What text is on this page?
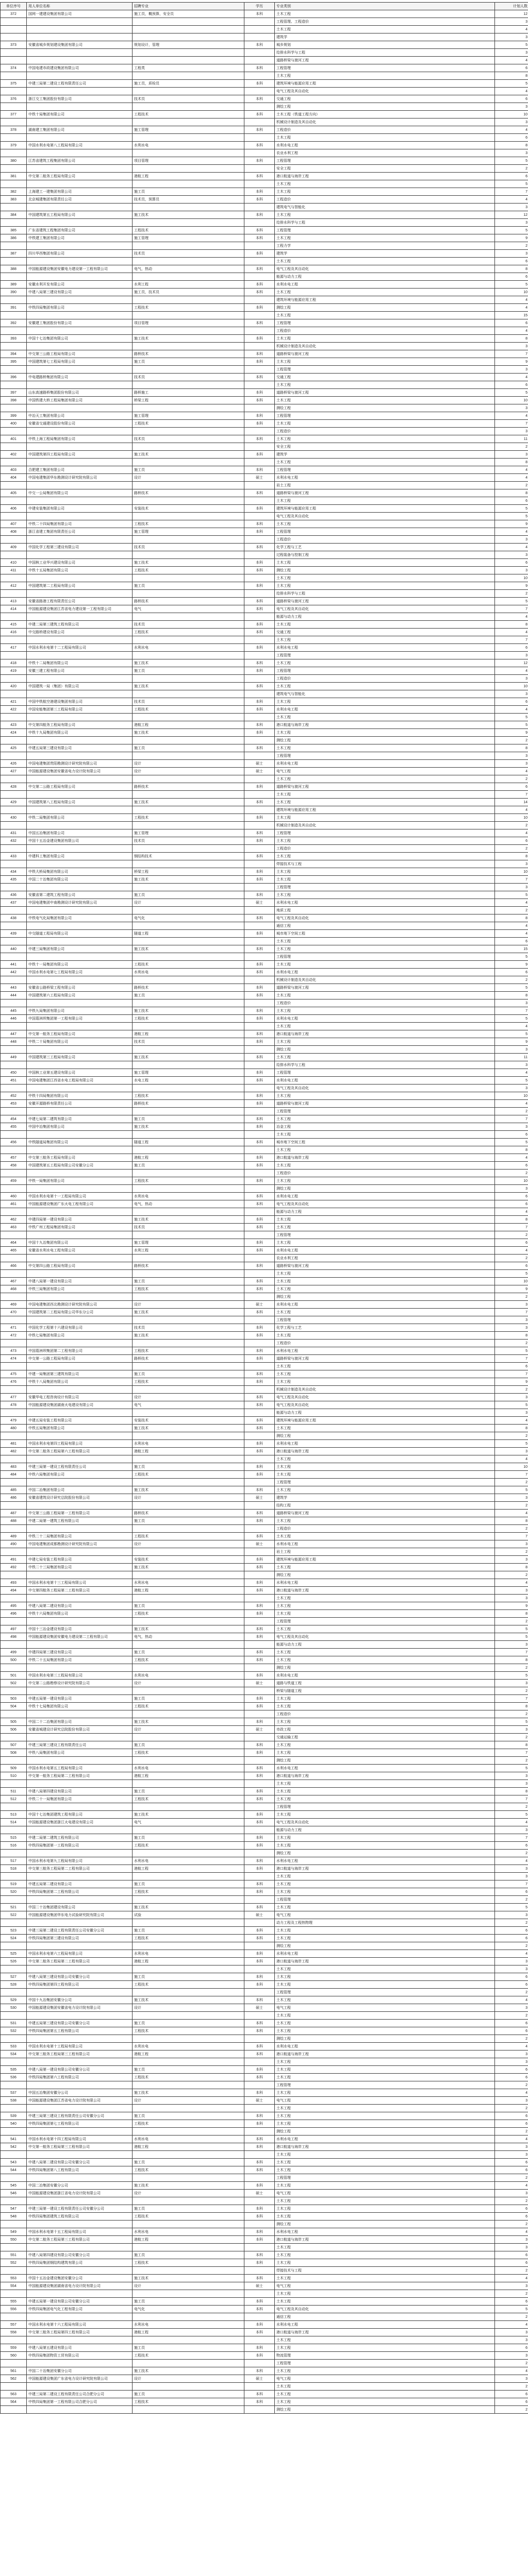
单位序号	用人单位名称	招聘专业	学历	专业类别	计划人数
372	国网一建建设集团有限公司	施工员，概预算，安全员	本科	土木工程	12
				工程管理、工程造价	3
				土木工程	4
				建筑学	3
373	安徽省城乡规划建设集团有限公司	规划设计，管理	本科	城乡规划	5
				给排水科学与工程	3
				道路桥梁与渡河工程	4
374	中国电建市政建设集团有限公司	工程类	本科	工程管理	6
				土木工程	8
375	中建三局第二建设工程有限责任公司	施工员，质检员	本科	建筑环境与能源应用工程	5
				电气工程及其自动化	4
376	浙江交工集团股份有限公司	技术员	本科	交通工程	6
				测绘工程	3
377	中铁十局集团有限公司	工程技术	本科	土木工程（铁道工程方向）	10
				机械设计制造及其自动化	3
378	湖南建工集团有限公司	施工管理	本科	工程造价	4
				土木工程	6
379	中国水利水电第八工程局有限公司	水利水电	本科	水利水电工程	8
				农业水利工程	3
380	江苏省建筑工程集团有限公司	项目管理	本科	工程管理	5
				安全工程	2
381	中交第二航务工程局有限公司	港航工程	本科	港口航道与海岸工程	6
				土木工程	5
382	上海建工一建集团有限公司	施工员	本科	土木工程	7
383	北京城建集团有限责任公司	技术员，预算员	本科	工程造价	4
				建筑电气与智能化	3
384	中国建筑第五工程局有限公司	施工技术	本科	土木工程	12
				给排水科学与工程	3
385	广东省建筑工程集团有限公司	工程技术	本科	工程管理	5
386	中铁建工集团有限公司	施工管理	本科	土木工程	9
				工程力学	2
387	四川华西集团有限公司	技术员	本科	建筑学	3
				土木工程	6
388	中国能源建设集团安徽电力建设第一工程有限公司	电气，热动	本科	电气工程及其自动化	8
				能源与动力工程	6
389	安徽水利开发有限公司	水利工程	本科	水利水电工程	5
390	中建八局第三建设有限公司	施工员，技术员	本科	土木工程	10
				建筑环境与能源应用工程	4
391	中铁四局集团有限公司	工程技术	本科	测绘工程	4
				土木工程	15
392	安徽建工集团股份有限公司	项目管理	本科	工程管理	6
				工程造价	4
393	中国十七冶集团有限公司	施工技术	本科	土木工程	8
				机械设计制造及其自动化	3
394	中交第三公路工程局有限公司	路桥技术	本科	道路桥梁与渡河工程	7
395	中国建筑第七工程局有限公司	施工员	本科	土木工程	9
				工程管理	3
396	中电建路桥集团有限公司	技术员	本科	交通工程	4
				土木工程	6
397	山东高速路桥集团股份有限公司	路桥施工	本科	道路桥梁与渡河工程	5
398	中国铁建大桥工程局集团有限公司	桥梁工程	本科	土木工程	10
				测绘工程	3
399	中冶天工集团有限公司	施工管理	本科	工程管理	4
400	安徽省交通建设股份有限公司	工程技术	本科	土木工程	7
				工程造价	3
401	中铁上海工程局集团有限公司	技术员	本科	土木工程	11
				安全工程	2
402	中国建筑第四工程局有限公司	施工技术	本科	建筑学	3
				土木工程	8
403	合肥建工集团有限公司	施工员	本科	工程管理	4
404	中国电建集团华东勘测设计研究院有限公司	设计	硕士	水利水电工程	4
				岩土工程	2
405	中交一公局集团有限公司	路桥技术	本科	道路桥梁与渡河工程	8
				土木工程	6
406	中建安装集团有限公司	安装技术	本科	建筑环境与能源应用工程	5
				电气工程及其自动化	5
407	中铁二十四局集团有限公司	工程技术	本科	土木工程	9
408	浙江省建工集团有限责任公司	施工管理	本科	工程管理	4
				工程造价	3
409	中国化学工程第三建设有限公司	技术员	本科	化学工程与工艺	4
				过程装备与控制工程	3
410	中国核工业华兴建设有限公司	施工技术	本科	土木工程	6
411	中铁十五局集团有限公司	工程技术	本科	测绘工程	3
				土木工程	10
412	中国建筑第二工程局有限公司	施工员	本科	土木工程	9
				给排水科学与工程	2
413	安徽省路港工程有限责任公司	路桥技术	本科	道路桥梁与渡河工程	5
414	中国能源建设集团江苏省电力建设第一工程有限公司	电气	本科	电气工程及其自动化	7
				能源与动力工程	4
415	中建二局第三建筑工程有限公司	技术员	本科	土木工程	8
416	中交路桥建设有限公司	工程技术	本科	交通工程	4
				土木工程	7
417	中国水利水电第十二工程局有限公司	水利水电	本科	水利水电工程	6
				工程管理	3
418	中铁十二局集团有限公司	施工技术	本科	土木工程	12
419	安徽三建工程有限公司	施工员	本科	工程管理	4
				工程造价	3
420	中国建筑一局（集团）有限公司	施工技术	本科	土木工程	10
				建筑电气与智能化	3
421	中国中铁航空港建设集团有限公司	技术员	本科	土木工程	6
422	中国安能集团第三工程局有限公司	工程技术	本科	水利水电工程	4
				土木工程	5
423	中交第四航务工程局有限公司	港航工程	本科	港口航道与海岸工程	5
424	中铁十九局集团有限公司	施工技术	本科	土木工程	9
				测绘工程	2
425	中建五局第三建设有限公司	施工员	本科	土木工程	8
				工程管理	3
426	中国电建集团贵阳勘测设计研究院有限公司	设计	硕士	水利水电工程	3
427	中国能源建设集团安徽省电力设计院有限公司	设计	硕士	电气工程	4
				土木工程	2
428	中交第二公路工程局有限公司	路桥技术	本科	道路桥梁与渡河工程	6
				土木工程	7
429	中国建筑第八工程局有限公司	施工技术	本科	土木工程	14
				建筑环境与能源应用工程	4
430	中铁二局集团有限公司	工程技术	本科	土木工程	10
				机械设计制造及其自动化	2
431	中国五冶集团有限公司	施工管理	本科	工程管理	4
432	中国十五冶金建设集团有限公司	技术员	本科	土木工程	6
				工程造价	2
433	中建科工集团有限公司	钢结构技术	本科	土木工程	8
				焊接技术与工程	3
434	中铁大桥局集团有限公司	桥梁工程	本科	土木工程	10
435	中国二十冶集团有限公司	施工技术	本科	土木工程	7
				工程管理	3
436	安徽省第二建筑工程有限公司	施工员	本科	土木工程	5
437	中国电建集团中南勘测设计研究院有限公司	设计	硕士	水利水电工程	4
				地质工程	2
438	中铁电气化局集团有限公司	电气化	本科	电气工程及其自动化	8
				通信工程	4
439	中交隧道工程局有限公司	隧道工程	本科	城市地下空间工程	4
				土木工程	6
440	中建三局集团有限公司	施工技术	本科	土木工程	15
				工程管理	5
441	中铁十一局集团有限公司	工程技术	本科	土木工程	9
442	中国水利水电第七工程局有限公司	水利水电	本科	水利水电工程	6
				机械设计制造及其自动化	2
443	安徽省公路桥梁工程有限公司	路桥技术	本科	道路桥梁与渡河工程	5
444	中国建筑第六工程局有限公司	施工员	本科	土木工程	8
				工程造价	3
445	中铁九局集团有限公司	施工技术	本科	土木工程	7
446	中国葛洲坝集团第一工程有限公司	工程技术	本科	水利水电工程	5
				土木工程	4
447	中交第一航务工程局有限公司	港航工程	本科	港口航道与海岸工程	5
448	中铁二十局集团有限公司	技术员	本科	土木工程	9
				测绘工程	3
449	中国建筑第三工程局有限公司	施工技术	本科	土木工程	11
				给排水科学与工程	3
450	中国核工业第五建设有限公司	施工管理	本科	工程管理	4
451	中国电建集团江西省水电工程局有限公司	水电工程	本科	水利水电工程	5
				电气工程及其自动化	3
452	中铁十四局集团有限公司	工程技术	本科	土木工程	10
453	安徽开源路桥有限责任公司	路桥技术	本科	道路桥梁与渡河工程	4
				工程管理	2
454	中建七局第二建筑有限公司	施工员	本科	土木工程	7
455	中国中冶集团有限公司	施工技术	本科	冶金工程	3
				土木工程	6
456	中铁隧道局集团有限公司	隧道工程	本科	城市地下空间工程	5
				土木工程	8
457	中交第三航务工程局有限公司	港航工程	本科	港口航道与海岸工程	4
458	中国建筑第五工程局有限公司安徽分公司	施工员	本科	土木工程	6
				工程造价	2
459	中铁一局集团有限公司	工程技术	本科	土木工程	10
				测绘工程	3
460	中国水利水电第十一工程局有限公司	水利水电	本科	水利水电工程	6
461	中国能源建设集团广东火电工程有限公司	电气，热动	本科	电气工程及其自动化	6
				能源与动力工程	4
462	中建四局第一建设有限公司	施工技术	本科	土木工程	8
463	中铁广州工程局集团有限公司	技术员	本科	土木工程	7
				工程管理	2
464	中国十九冶集团有限公司	施工管理	本科	土木工程	6
465	安徽省水利水电工程有限公司	水利工程	本科	水利水电工程	4
				农业水利工程	2
466	中交第四公路工程局有限公司	路桥技术	本科	道路桥梁与渡河工程	6
				土木工程	5
467	中建八局第一建设有限公司	施工员	本科	土木工程	10
468	中铁三局集团有限公司	工程技术	本科	土木工程	9
				测绘工程	2
469	中国电建集团西北勘测设计研究院有限公司	设计	硕士	水利水电工程	3
470	中国建筑第二工程局有限公司华东分公司	施工技术	本科	土木工程	7
				工程管理	3
471	中国化学工程第十六建设有限公司	技术员	本科	化学工程与工艺	3
472	中铁七局集团有限公司	施工技术	本科	土木工程	8
				工程造价	2
473	中国葛洲坝集团第二工程有限公司	工程技术	本科	水利水电工程	5
474	中交第一公路工程局有限公司	路桥技术	本科	道路桥梁与渡河工程	7
				土木工程	6
475	中建一局集团第三建筑有限公司	施工员	本科	土木工程	7
476	中铁十八局集团有限公司	工程技术	本科	土木工程	9
				机械设计制造及其自动化	2
477	安徽华电工程咨询设计有限公司	设计	本科	电气工程及其自动化	3
478	中国能源建设集团湖南火电建设有限公司	电气	本科	电气工程及其自动化	5
				能源与动力工程	3
479	中建五局安装工程有限公司	安装技术	本科	建筑环境与能源应用工程	4
480	中铁五局集团有限公司	施工技术	本科	土木工程	8
				测绘工程	2
481	中国水利水电第四工程局有限公司	水利水电	本科	水利水电工程	5
482	中交第二航务工程局第六工程有限公司	港航工程	本科	港口航道与海岸工程	3
				土木工程	4
483	中建三局第一建设工程有限责任公司	施工员	本科	土木工程	10
484	中铁六局集团有限公司	工程技术	本科	土木工程	7
				工程管理	2
485	中国二冶集团有限公司	施工技术	本科	土木工程	5
486	安徽省建筑设计研究总院股份有限公司	设计	硕士	建筑学	3
				结构工程	2
487	中交第三公路工程局第一工程有限公司	路桥技术	本科	道路桥梁与渡河工程	4
488	中建二局第一建筑工程有限公司	施工员	本科	土木工程	8
				工程造价	2
489	中铁二十二局集团有限公司	工程技术	本科	土木工程	7
490	中国电建集团成都勘测设计研究院有限公司	设计	硕士	水利水电工程	3
				岩土工程	2
491	中建七局安装工程有限公司	安装技术	本科	建筑环境与能源应用工程	3
492	中铁二十三局集团有限公司	施工技术	本科	土木工程	8
				测绘工程	2
493	中国水利水电第十三工程局有限公司	水利水电	本科	水利水电工程	4
494	中交第四航务工程局第二工程有限公司	港航工程	本科	港口航道与海岸工程	3
				土木工程	3
495	中建八局第二建设有限公司	施工员	本科	土木工程	9
496	中铁十六局集团有限公司	工程技术	本科	土木工程	8
				工程管理	2
497	中国十三冶金建设有限公司	施工技术	本科	土木工程	5
498	中国能源建设集团安徽电力建设第二工程有限公司	电气，热动	本科	电气工程及其自动化	5
				能源与动力工程	3
499	中建四局第三建设有限公司	施工员	本科	土木工程	7
500	中铁二十五局集团有限公司	工程技术	本科	土木工程	8
				测绘工程	2
501	中国水利水电第三工程局有限公司	水利水电	本科	水利水电工程	5
502	中交第二公路勘察设计研究院有限公司	设计	硕士	道路与铁道工程	3
				桥梁与隧道工程	2
503	中建五局第一建设有限公司	施工员	本科	土木工程	7
504	中铁十七局集团有限公司	工程技术	本科	土木工程	8
				工程造价	2
505	中国二十二冶集团有限公司	施工技术	本科	土木工程	5
506	安徽省城建设计研究总院股份有限公司	设计	硕士	市政工程	3
				交通运输工程	2
507	中建三局第三建设工程有限责任公司	施工员	本科	土木工程	8
508	中铁八局集团有限公司	工程技术	本科	土木工程	7
				测绘工程	2
509	中国水利水电第五工程局有限公司	水利水电	本科	水利水电工程	5
510	中交第一航务工程局第二工程有限公司	港航工程	本科	港口航道与海岸工程	3
				土木工程	3
511	中建八局第四建设有限公司	施工员	本科	土木工程	8
512	中铁二十一局集团有限公司	工程技术	本科	土木工程	7
				工程管理	2
513	中国十七冶集团建筑工程有限公司	施工技术	本科	土木工程	5
514	中国能源建设集团浙江火电建设有限公司	电气	本科	电气工程及其自动化	4
				能源与动力工程	3
515	中建二局第二建筑工程有限公司	施工员	本科	土木工程	7
516	中铁四局集团第一工程有限公司	工程技术	本科	土木工程	6
				测绘工程	2
517	中国水利水电第九工程局有限公司	水利水电	本科	水利水电工程	4
518	中交第三航务工程局第二工程有限公司	港航工程	本科	港口航道与海岸工程	3
				土木工程	3
519	中建五局第二建设有限公司	施工员	本科	土木工程	7
520	中铁四局集团第二工程有限公司	工程技术	本科	土木工程	6
				工程管理	2
521	中国二十冶集团建设有限公司	施工技术	本科	土木工程	5
522	中国能源建设集团华东电力试验研究院有限公司	试验	硕士	电气工程	3
				动力工程及工程热物理	2
523	中建三局第二建设工程有限责任公司安徽分公司	施工员	本科	土木工程	6
524	中铁四局集团第三建设有限公司	工程技术	本科	土木工程	6
				测绘工程	2
525	中国水利水电第六工程局有限公司	水利水电	本科	水利水电工程	4
526	中交第二航务工程局第二工程有限公司	港航工程	本科	港口航道与海岸工程	3
				土木工程	3
527	中建八局第三建设有限公司安徽分公司	施工员	本科	土木工程	6
528	中铁四局集团第四工程有限公司	工程技术	本科	土木工程	6
				工程管理	2
529	中国十九冶集团安徽分公司	施工技术	本科	土木工程	4
530	中国能源建设集团安徽省电力设计院有限公司	设计	硕士	电气工程	3
				土木工程	2
531	中建五局第三建设有限公司安徽分公司	施工员	本科	土木工程	6
532	中铁四局集团第五工程有限公司	工程技术	本科	土木工程	6
				测绘工程	2
533	中国水利水电第十工程局有限公司	水利水电	本科	水利水电工程	4
534	中交第三航务工程局第三工程有限公司	港航工程	本科	港口航道与海岸工程	3
				土木工程	3
535	中建八局第一建设有限公司安徽分公司	施工员	本科	土木工程	6
536	中铁四局集团第六工程有限公司	工程技术	本科	土木工程	6
				工程管理	2
537	中国五冶集团安徽分公司	施工技术	本科	土木工程	4
538	中国能源建设集团江苏省电力设计院有限公司	设计	硕士	电气工程	3
				土木工程	2
539	中建三局第三建设工程有限责任公司安徽分公司	施工员	本科	土木工程	6
540	中铁四局集团第七工程有限公司	工程技术	本科	土木工程	6
				测绘工程	2
541	中国水利水电第十四工程局有限公司	水利水电	本科	水利水电工程	4
542	中交第一航务工程局第三工程有限公司	港航工程	本科	港口航道与海岸工程	3
				土木工程	3
543	中建八局第二建设有限公司安徽分公司	施工员	本科	土木工程	6
544	中铁四局集团第八工程有限公司	工程技术	本科	土木工程	6
				工程管理	2
545	中国二冶集团安徽分公司	施工技术	本科	土木工程	4
546	中国能源建设集团浙江省电力设计院有限公司	设计	硕士	电气工程	3
				土木工程	2
547	中建三局第一建设工程有限责任公司安徽分公司	施工员	本科	土木工程	6
548	中铁四局集团建筑工程有限公司	工程技术	本科	土木工程	6
				测绘工程	2
549	中国水利水电第十五工程局有限公司	水利水电	本科	水利水电工程	4
550	中交第二航务工程局第三工程有限公司	港航工程	本科	港口航道与海岸工程	3
				土木工程	3
551	中建八局第四建设有限公司安徽分公司	施工员	本科	土木工程	6
552	中铁四局集团钢结构建筑有限公司	工程技术	本科	土木工程	6
				焊接技术与工程	2
553	中国十五冶金建设集团安徽分公司	施工技术	本科	土木工程	4
554	中国能源建设集团湖南省电力设计院有限公司	设计	硕士	电气工程	3
				土木工程	2
555	中建五局第一建设有限公司安徽分公司	施工员	本科	土木工程	6
556	中铁四局集团电气化工程有限公司	电气化	本科	电气工程及其自动化	5
				通信工程	2
557	中国水利水电第十六工程局有限公司	水利水电	本科	水利水电工程	4
558	中交第三航务工程局第四工程有限公司	港航工程	本科	港口航道与海岸工程	3
				土木工程	3
559	中建八局第五建设有限公司	施工员	本科	土木工程	6
560	中铁四局集团物资工贸有限公司	工程技术	本科	物流管理	3
				工程管理	2
561	中国二十冶集团安徽分公司	施工技术	本科	土木工程	4
562	中国能源建设集团广东省电力设计研究院有限公司	设计	硕士	电气工程	3
				土木工程	2
563	中建三局第二建设工程有限责任公司合肥分公司	施工员	本科	土木工程	6
564	中铁四局集团第一工程有限公司合肥分公司	工程技术	本科	土木工程	6
				测绘工程	2
